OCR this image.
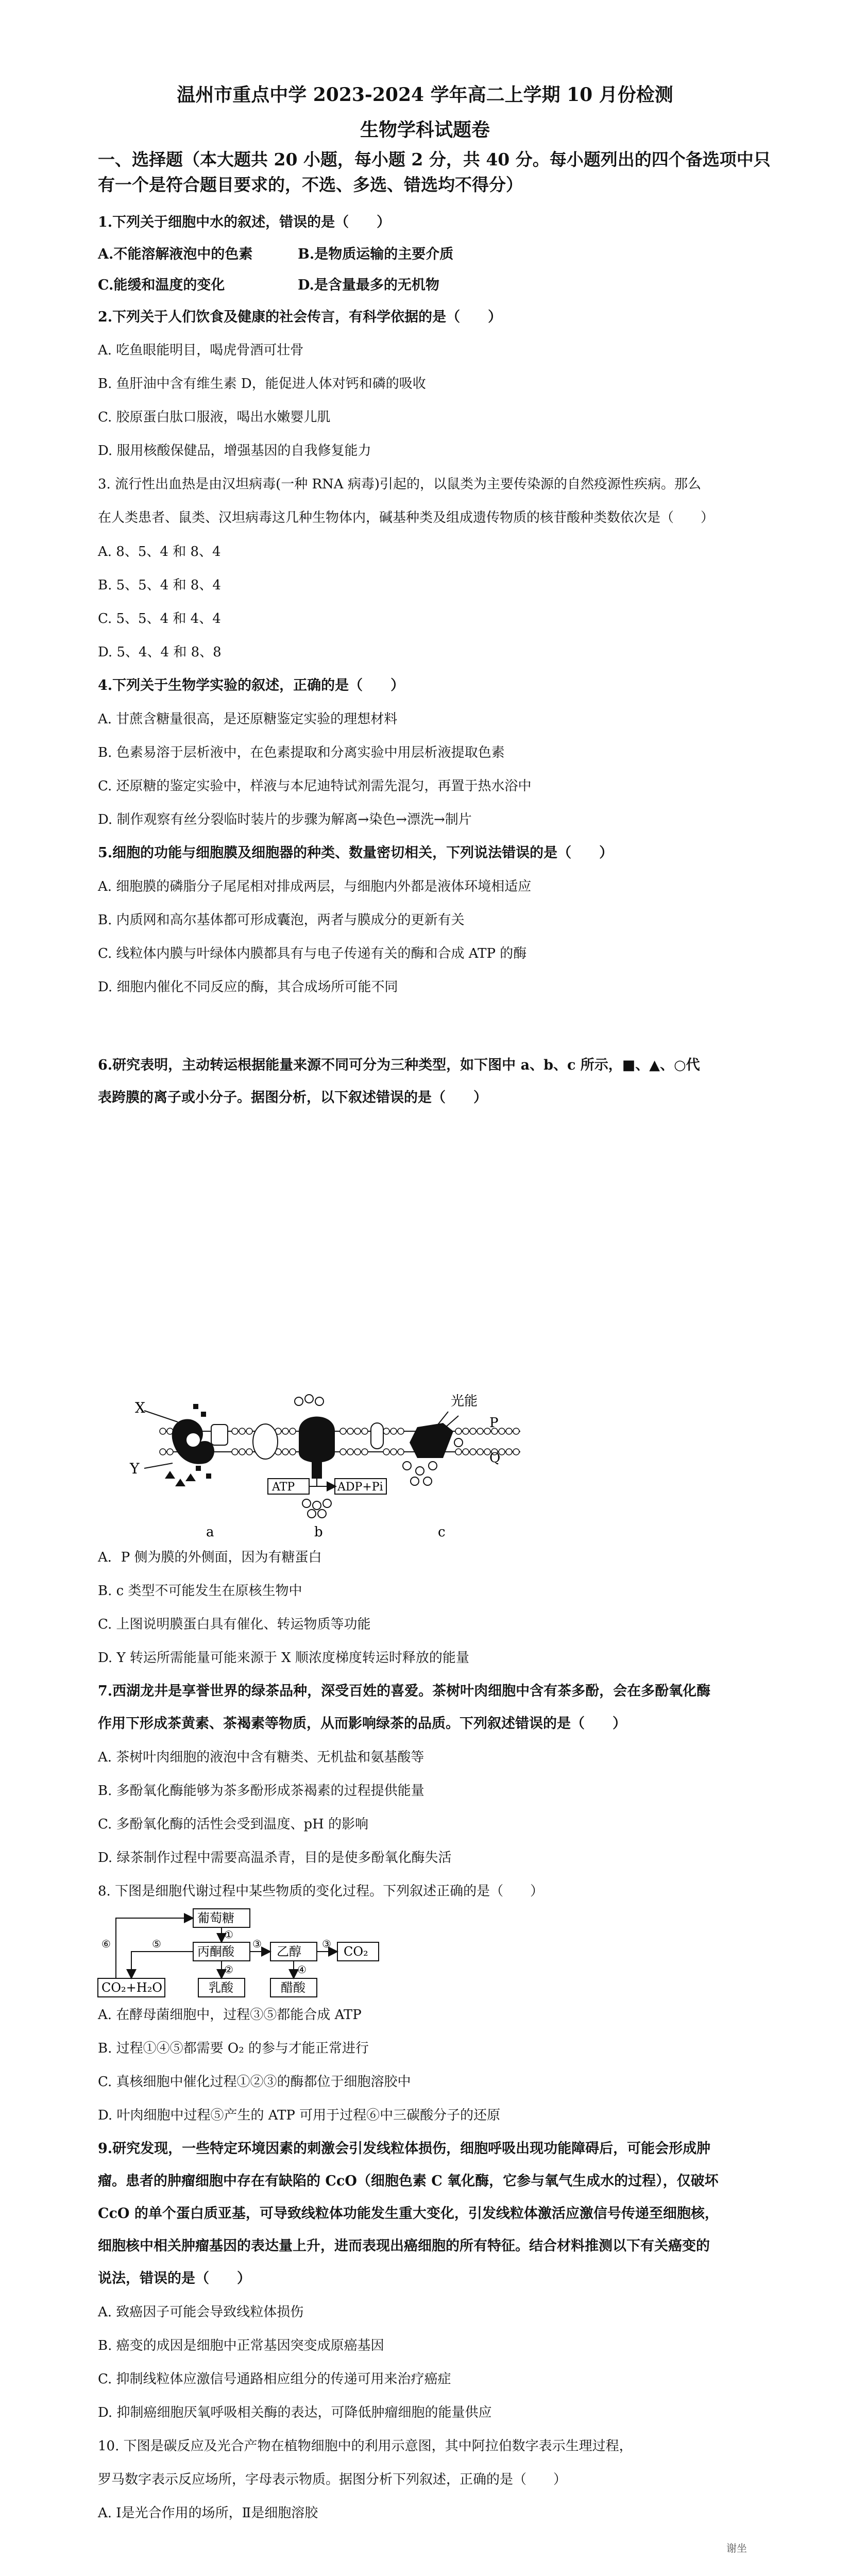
温州市重点中学 2023-2024 学年高二上学期 10 月份检测
生物学科试题卷
一、选择题（本大题共 20 小题，每小题 2 分，共 40 分。每小题列出的四个备选项中只
有一个是符合题目要求的，不选、多选、错选均不得分）
1.下列关于细胞中水的叙述，错误的是（　　）
A.不能溶解液泡中的色素	B.是物质运输的主要介质
C.能缓和温度的变化	D.是含量最多的无机物
2.下列关于人们饮食及健康的社会传言，有科学依据的是（　　）
A. 吃鱼眼能明目，喝虎骨酒可壮骨
B. 鱼肝油中含有维生素 D，能促进人体对钙和磷的吸收
C. 胶原蛋白肽口服液，喝出水嫩婴儿肌
D. 服用核酸保健品，增强基因的自我修复能力
3. 流行性出血热是由汉坦病毒(一种 RNA 病毒)引起的，以鼠类为主要传染源的自然疫源性疾病。那么
在人类患者、鼠类、汉坦病毒这几种生物体内，碱基种类及组成遗传物质的核苷酸种类数依次是（　　）
A. 8、5、4 和 8、4
B. 5、5、4 和 8、4
C. 5、5、4 和 4、4
D. 5、4、4 和 8、8
4.下列关于生物学实验的叙述，正确的是（　　）
A. 甘蔗含糖量很高，是还原糖鉴定实验的理想材料
B. 色素易溶于层析液中，在色素提取和分离实验中用层析液提取色素
C. 还原糖的鉴定实验中，样液与本尼迪特试剂需先混匀，再置于热水浴中
D. 制作观察有丝分裂临时装片的步骤为解离→染色→漂洗→制片
5.细胞的功能与细胞膜及细胞器的种类、数量密切相关，下列说法错误的是（　　）
A. 细胞膜的磷脂分子尾尾相对排成两层，与细胞内外都是液体环境相适应
B. 内质网和高尔基体都可形成囊泡，两者与膜成分的更新有关
C. 线粒体内膜与叶绿体内膜都具有与电子传递有关的酶和合成 ATP 的酶
D. 细胞内催化不同反应的酶，其合成场所可能不同
6.研究表明，主动转运根据能量来源不同可分为三种类型，如下图中 a、b、c 所示，■、▲、○代
表跨膜的离子或小分子。据图分析，以下叙述错误的是（　　）
X
Y
ATP	ADP+Pi
光能
P
Q
a	b	c
A．P 侧为膜的外侧面，因为有糖蛋白
B. c 类型不可能发生在原核生物中
C. 上图说明膜蛋白具有催化、转运物质等功能
D. Y 转运所需能量可能来源于 X 顺浓度梯度转运时释放的能量
7.西湖龙井是享誉世界的绿茶品种，深受百姓的喜爱。茶树叶肉细胞中含有茶多酚，会在多酚氧化酶
作用下形成茶黄素、茶褐素等物质，从而影响绿茶的品质。下列叙述错误的是（　　）
A. 茶树叶肉细胞的液泡中含有糖类、无机盐和氨基酸等
B. 多酚氧化酶能够为茶多酚形成茶褐素的过程提供能量
C. 多酚氧化酶的活性会受到温度、pH 的影响
D. 绿茶制作过程中需要高温杀青，目的是使多酚氧化酶失活
8. 下图是细胞代谢过程中某些物质的变化过程。下列叙述正确的是（　　）
葡萄糖
丙酮酸	乙醇	CO₂
CO₂+H₂O	乳酸	醋酸
①
③	③
②	④
⑤
⑥
A. 在酵母菌细胞中，过程③⑤都能合成 ATP
B. 过程①④⑤都需要 O₂ 的参与才能正常进行
C. 真核细胞中催化过程①②③的酶都位于细胞溶胶中
D. 叶肉细胞中过程⑤产生的 ATP 可用于过程⑥中三碳酸分子的还原
9.研究发现，一些特定环境因素的刺激会引发线粒体损伤，细胞呼吸出现功能障碍后，可能会形成肿
瘤。患者的肿瘤细胞中存在有缺陷的 CcO（细胞色素 C 氧化酶，它参与氧气生成水的过程），仅破坏
CcO 的单个蛋白质亚基，可导致线粒体功能发生重大变化，引发线粒体激活应激信号传递至细胞核，
细胞核中相关肿瘤基因的表达量上升，进而表现出癌细胞的所有特征。结合材料推测以下有关癌变的
说法，错误的是（　　）
A. 致癌因子可能会导致线粒体损伤
B. 癌变的成因是细胞中正常基因突变成原癌基因
C. 抑制线粒体应激信号通路相应组分的传递可用来治疗癌症
D. 抑制癌细胞厌氧呼吸相关酶的表达，可降低肿瘤细胞的能量供应
10. 下图是碳反应及光合产物在植物细胞中的利用示意图，其中阿拉伯数字表示生理过程，
罗马数字表示反应场所，字母表示物质。据图分析下列叙述，正确的是（　　）
A. Ⅰ是光合作用的场所，Ⅱ是细胞溶胶
谢坐
